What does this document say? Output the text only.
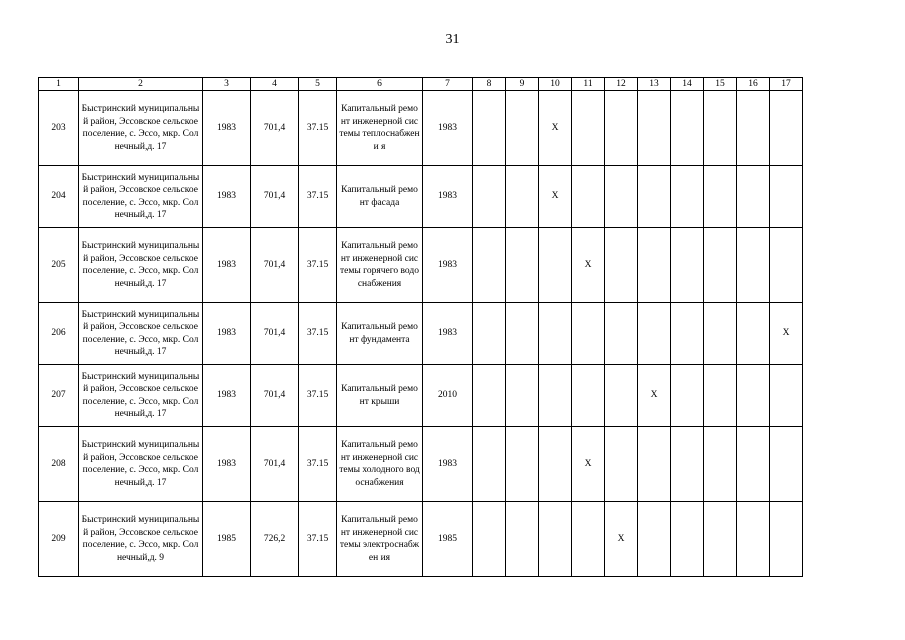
31
1	2	3	4	5	6	7	8	9	10	11	12	13	14	15	16	17
203	Быстринский муниципальный район, Эссовское сельское поселение, с. Эссо, мкр. Солнечный,д. 17	1983	701,4	37.15	Капитальный ремонт инженерной системы теплоснабжени я	1983			X							
204	Быстринский муниципальный район, Эссовское сельское поселение, с. Эссо, мкр. Солнечный,д. 17	1983	701,4	37.15	Капитальный ремонт фасада	1983			X							
205	Быстринский муниципальный район, Эссовское сельское поселение, с. Эссо, мкр. Солнечный,д. 17	1983	701,4	37.15	Капитальный ремонт инженерной системы горячего водоснабжения	1983				X						
206	Быстринский муниципальный район, Эссовское сельское поселение, с. Эссо, мкр. Солнечный,д. 17	1983	701,4	37.15	Капитальный ремонт фундамента	1983										X
207	Быстринский муниципальный район, Эссовское сельское поселение, с. Эссо, мкр. Солнечный,д. 17	1983	701,4	37.15	Капитальный ремонт крыши	2010						X				
208	Быстринский муниципальный район, Эссовское сельское поселение, с. Эссо, мкр. Солнечный,д. 17	1983	701,4	37.15	Капитальный ремонт инженерной системы холодного водоснабжения	1983				X						
209	Быстринский муниципальный район, Эссовское сельское поселение, с. Эссо, мкр. Солнечный,д. 9	1985	726,2	37.15	Капитальный ремонт инженерной системы электроснабжен ия	1985					X					
